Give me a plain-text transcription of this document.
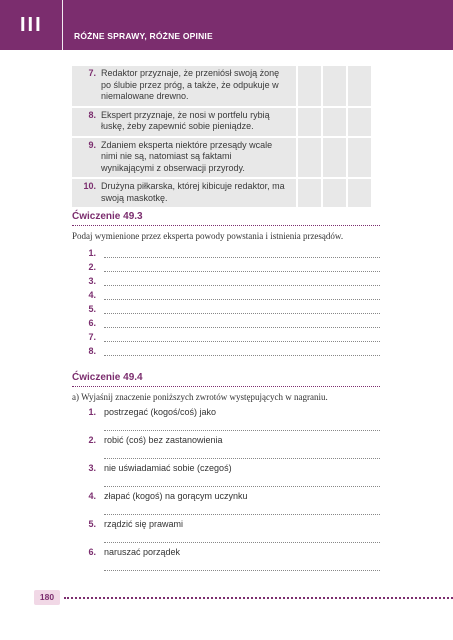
III	RÓŻNE SPRAWY, RÓŻNE OPINIE
7. Redaktor przyznaje, że przeniósł swoją żonę po ślubie przez próg, a także, że odpukuje w niemalowane drewno.			
8. Ekspert przyznaje, że nosi w portfelu rybią łuskę, żeby zapewnić sobie pieniądze.			
9. Zdaniem eksperta niektóre przesądy wcale nimi nie są, natomiast są faktami wynikającymi z obserwacji przyrody.			
10. Drużyna piłkarska, której kibicuje redaktor, ma swoją maskotkę.			
Ćwiczenie 49.3
Podaj wymienione przez eksperta powody powstania i istnienia przesądów.
1.
2.
3.
4.
5.
6.
7.
8.
Ćwiczenie 49.4
a) Wyjaśnij znaczenie poniższych zwrotów występujących w nagraniu.
1. postrzegać (kogoś/coś) jako
2. robić (coś) bez zastanowienia
3. nie uświadamiać sobie (czegoś)
4. złapać (kogoś) na gorącym uczynku
5. rządzić się prawami
6. naruszać porządek
180
